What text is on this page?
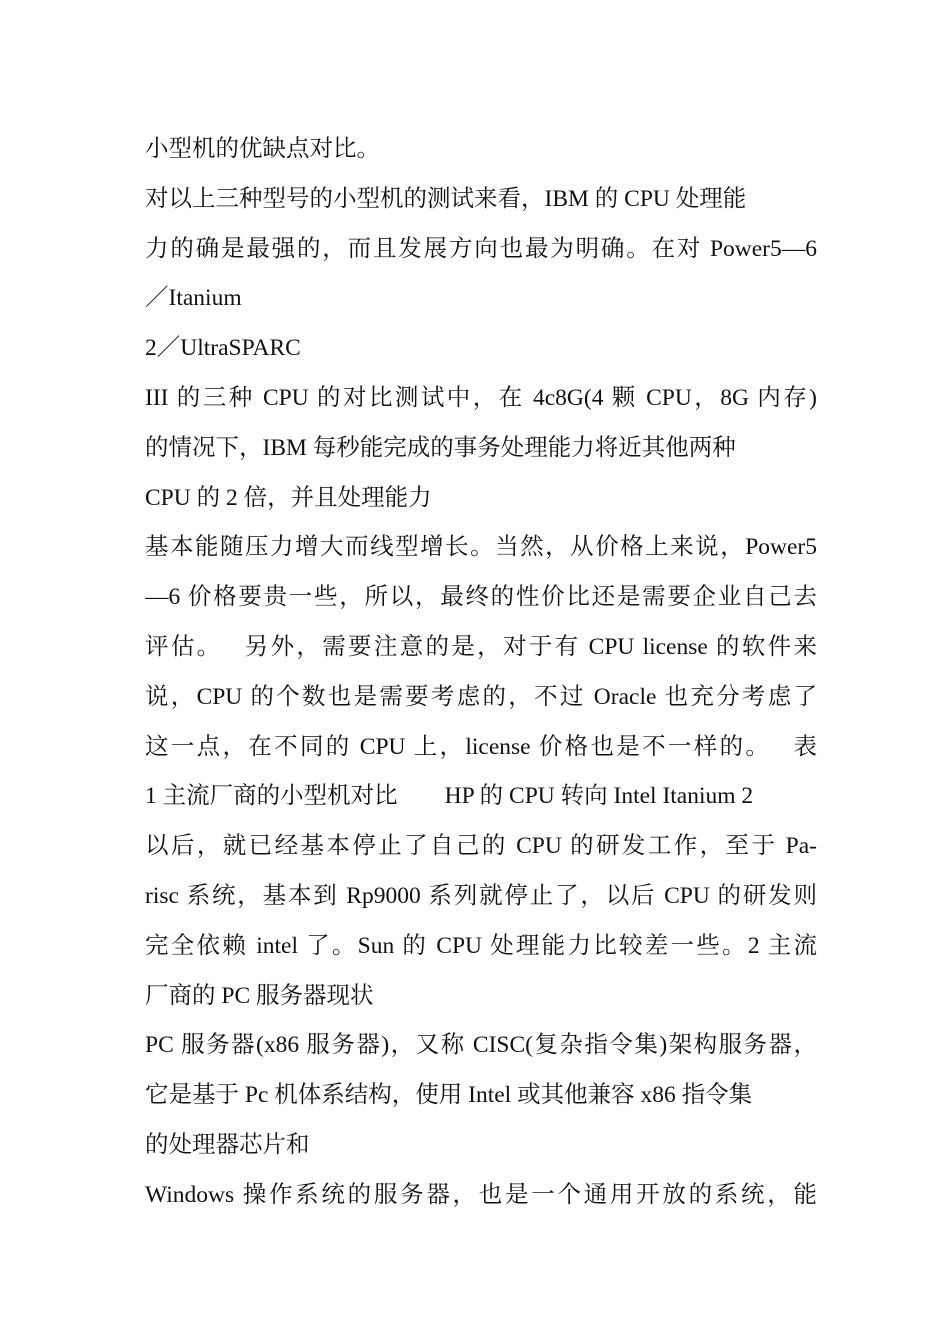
小型机的优缺点对比。
对以上三种型号的小型机的测试来看，IBM 的 CPU 处理能
力的确是最强的，而且发展方向也最为明确。在对 Power5—6
／Itanium
2／UltraSPARC
III 的三种 CPU 的对比测试中，在 4c8G(4 颗 CPU，8G 内存)
的情况下，IBM 每秒能完成的事务处理能力将近其他两种
CPU 的 2 倍，并且处理能力
基本能随压力增大而线型增长。当然，从价格上来说，Power5
—6 价格要贵一些，所以，最终的性价比还是需要企业自己去
评估。　 另外，需要注意的是，对于有 CPU license 的软件来
说，CPU 的个数也是需要考虑的，不过 Oracle 也充分考虑了
这一点，在不同的 CPU 上，license 价格也是不一样的。　 表
1 主流厂商的小型机对比　　HP 的 CPU 转向 Intel Itanium 2
以后，就已经基本停止了自己的 CPU 的研发工作，至于 Pa-
risc 系统，基本到 Rp9000 系列就停止了，以后 CPU 的研发则
完全依赖 intel 了。Sun 的 CPU 处理能力比较差一些。2 主流
厂商的 PC 服务器现状
PC 服务器(x86 服务器)，又称 CISC(复杂指令集)架构服务器，
它是基于 Pc 机体系结构，使用 Intel 或其他兼容 x86 指令集
的处理器芯片和
Windows 操作系统的服务器，也是一个通用开放的系统，能
